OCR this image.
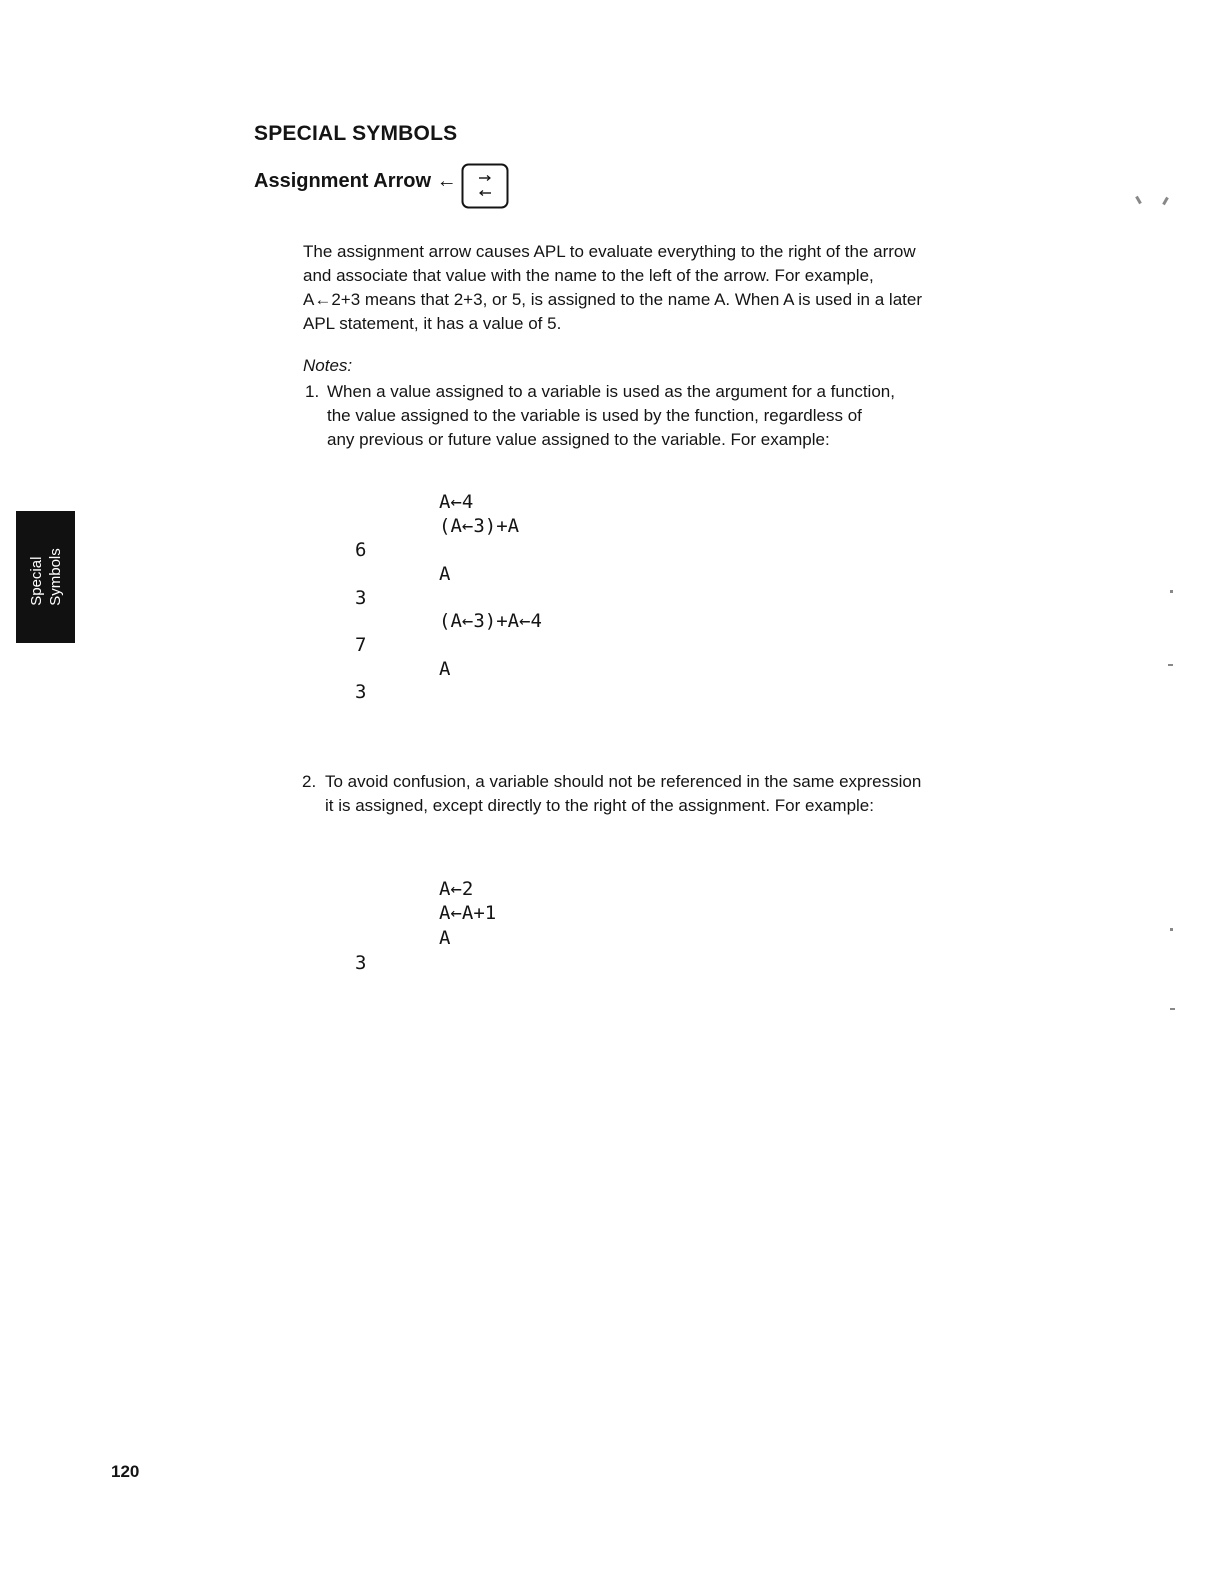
SPECIAL SYMBOLS
Assignment Arrow ←
The assignment arrow causes APL to evaluate everything to the right of the arrow
and associate that value with the name to the left of the arrow. For example,
A←2+3 means that 2+3, or 5, is assigned to the name A. When A is used in a later
APL statement, it has a value of 5.
Notes:
1. When a value assigned to a variable is used as the argument for a function,
the value assigned to the variable is used by the function, regardless of
any previous or future value assigned to the variable. For example:
A←4
(A←3)+A
6
A
3
(A←3)+A←4
7
A
3
2. To avoid confusion, a variable should not be referenced in the same expression
it is assigned, except directly to the right of the assignment. For example:
A←2
A←A+1
A
3
Special Symbols
120
